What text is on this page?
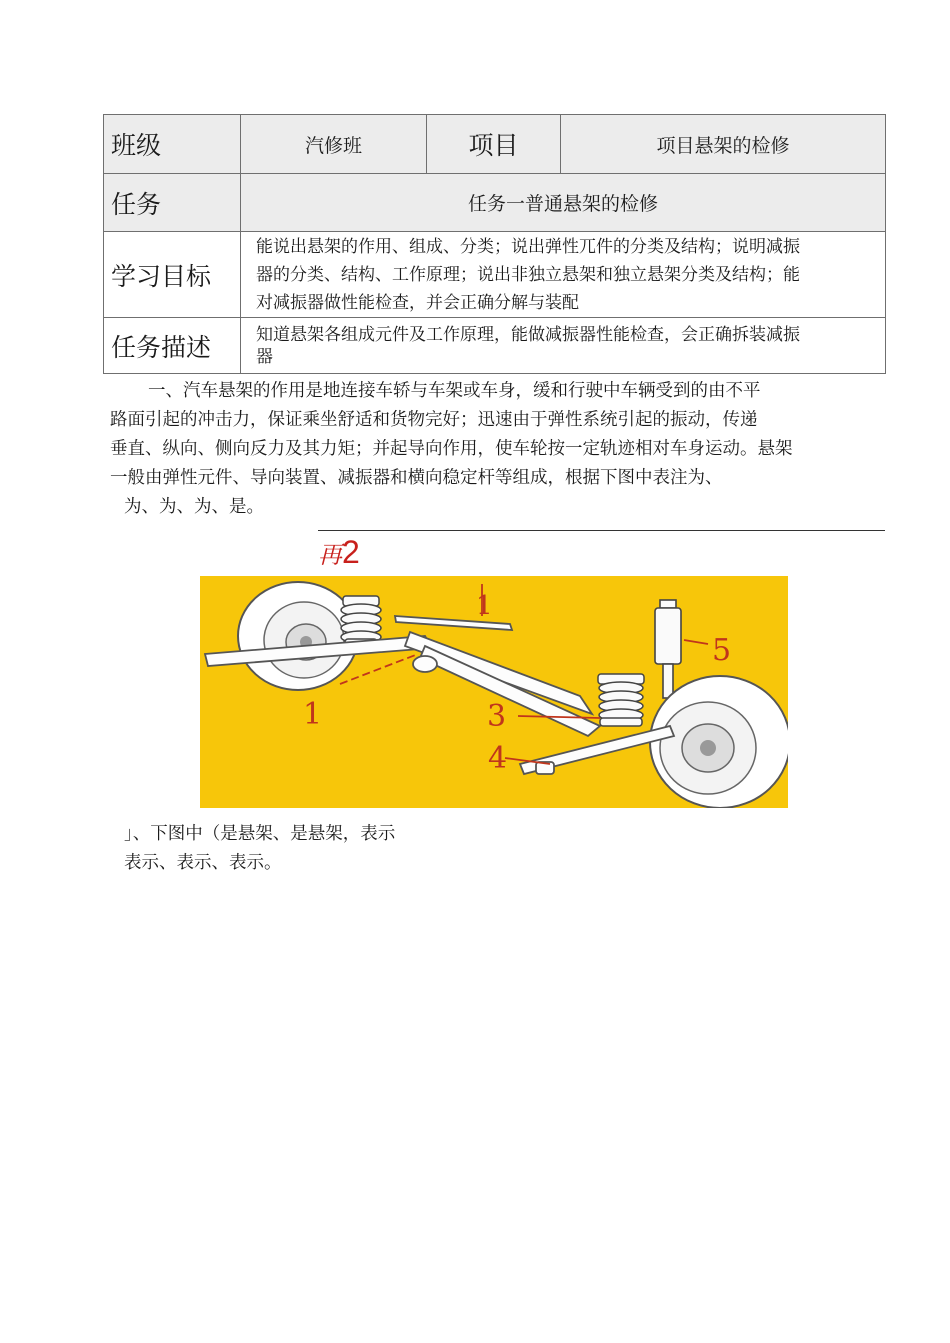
班级	汽修班	项目	项目悬架的检修
任务	任务一普通悬架的检修		
学习目标	能说出悬架的作用、组成、分类；说出弹性兀件的分类及结构；说明减振
器的分类、结构、工作原理；说出非独立悬架和独立悬架分类及结构；能
对减振器做性能检查，并会正确分解与装配		

任务描述	知道悬架各组成元件及工作原理，能做减振器性能检查，会正确拆装减振
器		
一、汽车悬架的作用是地连接车轿与车架或车身，缓和行驶中车辆受到的由不平
路面引起的冲击力，保证乘坐舒适和货物完好；迅速由于弹性系统引起的振动，传递
垂直、纵向、侧向反力及其力矩；并起导向作用，使车轮按一定轨迹相对车身运动。悬架
一般由弹性元件、导向装置、减振器和横向稳定杆等组成，根据下图中表注为、
为、为、为、是。
再2
1
1	3
4
5
」、下图中（是悬架、是悬架，表示
表示、表示、表示。
